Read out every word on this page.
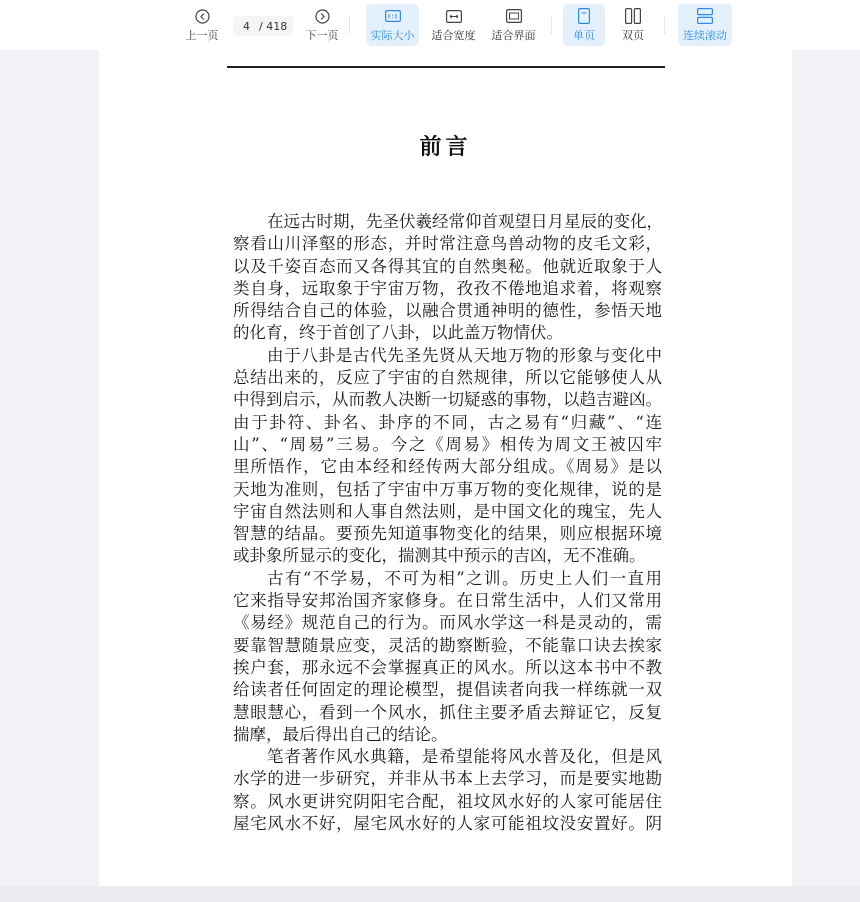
上一页
4 / 418
下一页	实际大小 适合宽度 适合界面	单页 双页	连续滚动
前言
在远古时期，先圣伏羲经常仰首观望日月星辰的变化，
察看山川泽壑的形态，并时常注意鸟兽动物的皮毛文彩，
以及千姿百态而又各得其宜的自然奥秘。他就近取象于人
类自身，远取象于宇宙万物，孜孜不倦地追求着，将观察
所得结合自己的体验，以融合贯通神明的德性，参悟天地
的化育，终于首创了八卦，以此盖万物情伏。
由于八卦是古代先圣先贤从天地万物的形象与变化中
总结出来的，反应了宇宙的自然规律，所以它能够使人从
中得到启示，从而教人决断一切疑惑的事物，以趋吉避凶。
由于卦符、卦名、卦序的不同，古之易有“归藏”、“连
山”、“周易”三易。今之《周易》相传为周文王被囚牢
里所悟作，它由本经和经传两大部分组成。《周易》是以
天地为准则，包括了宇宙中万事万物的变化规律，说的是
宇宙自然法则和人事自然法则，是中国文化的瑰宝，先人
智慧的结晶。要预先知道事物变化的结果，则应根据环境
或卦象所显示的变化，揣测其中预示的吉凶，无不准确。
古有“不学易，不可为相”之训。历史上人们一直用
它来指导安邦治国齐家修身。在日常生活中，人们又常用
《易经》规范自己的行为。而风水学这一科是灵动的，需
要靠智慧随景应变，灵活的勘察断验，不能靠口诀去挨家
挨户套，那永远不会掌握真正的风水。所以这本书中不教
给读者任何固定的理论模型，提倡读者向我一样练就一双
慧眼慧心，看到一个风水，抓住主要矛盾去辩证它，反复
揣摩，最后得出自己的结论。
笔者著作风水典籍，是希望能将风水普及化，但是风
水学的进一步研究，并非从书本上去学习，而是要实地勘
察。风水更讲究阴阳宅合配，祖坟风水好的人家可能居住
屋宅风水不好，屋宅风水好的人家可能祖坟没安置好。阴
